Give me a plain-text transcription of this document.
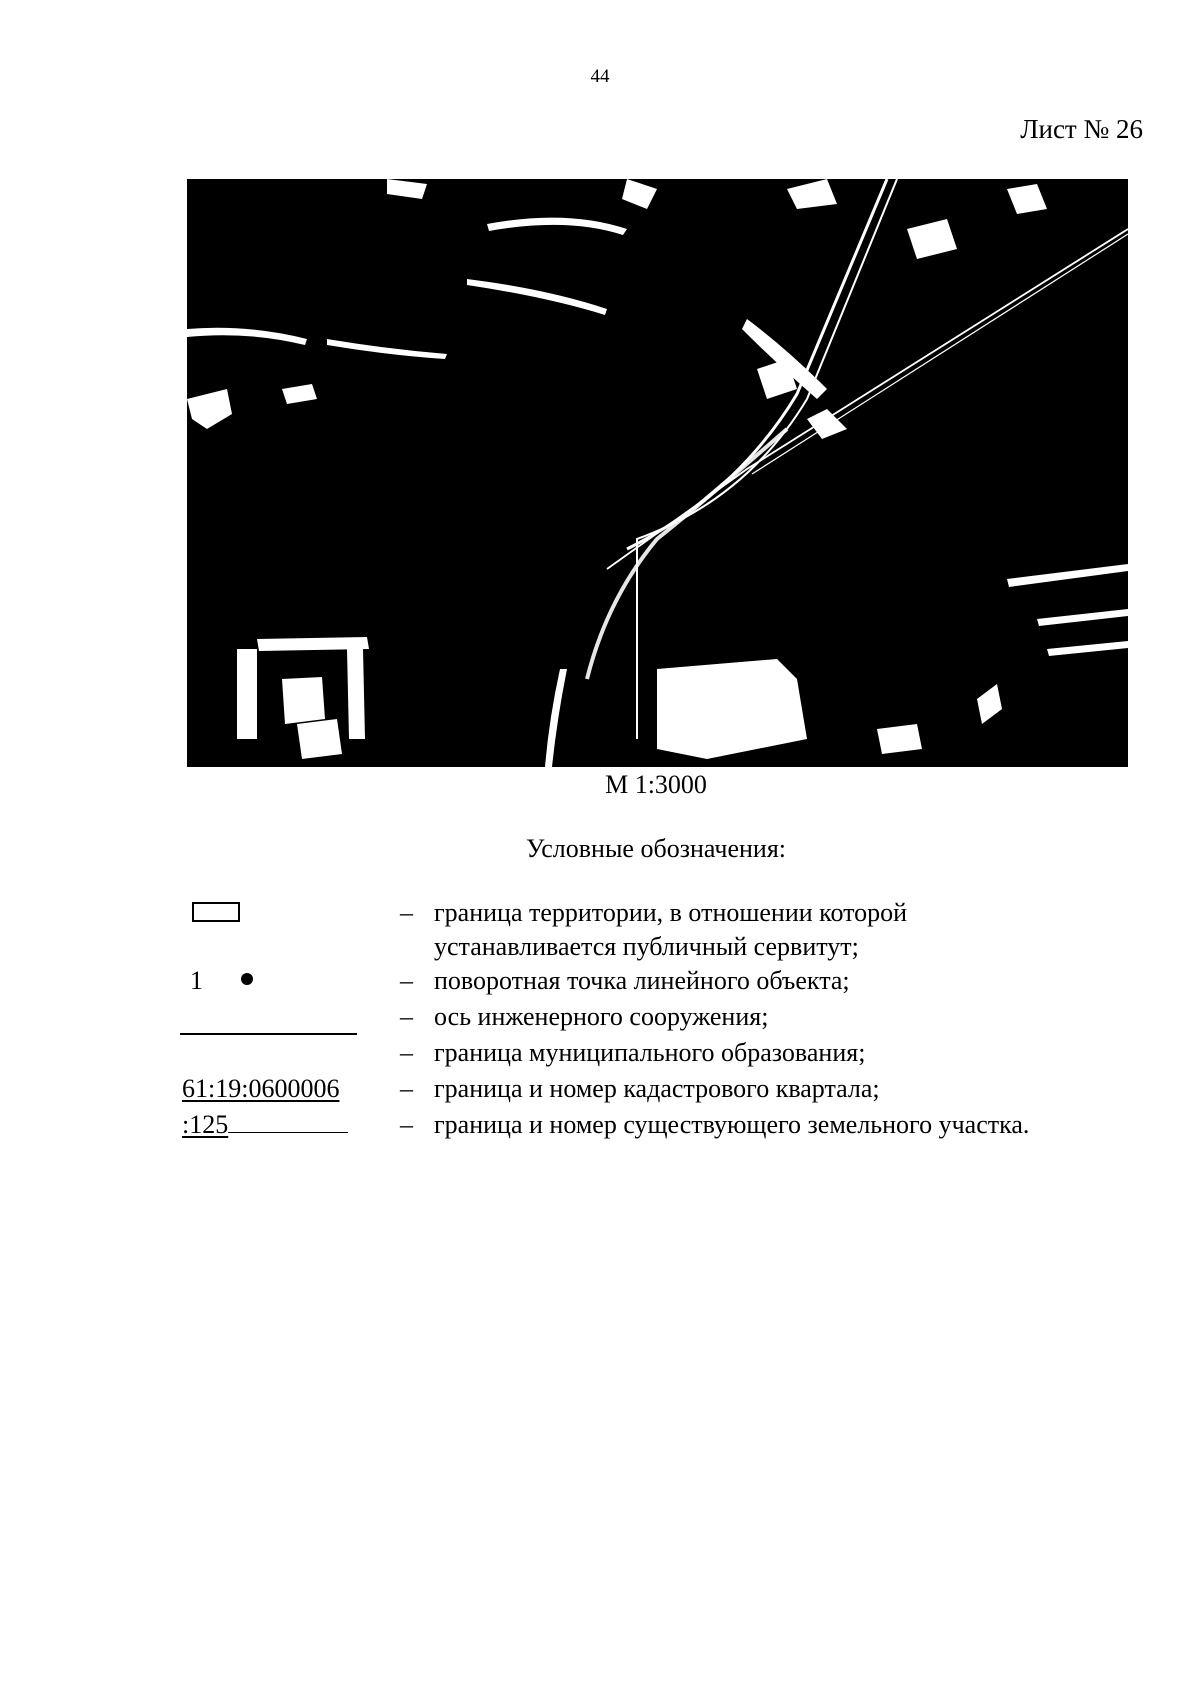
44
Лист № 26
М 1:3000
Условные обозначения:
– граница территории, в отношении которой
устанавливается публичный сервитут;
1	– поворотная точка линейного объекта;
– ось инженерного сооружения;
– граница муниципального образования;
61:19:0600006	– граница и номер кадастрового квартала;
:125	– граница и номер существующего земельного участка.
